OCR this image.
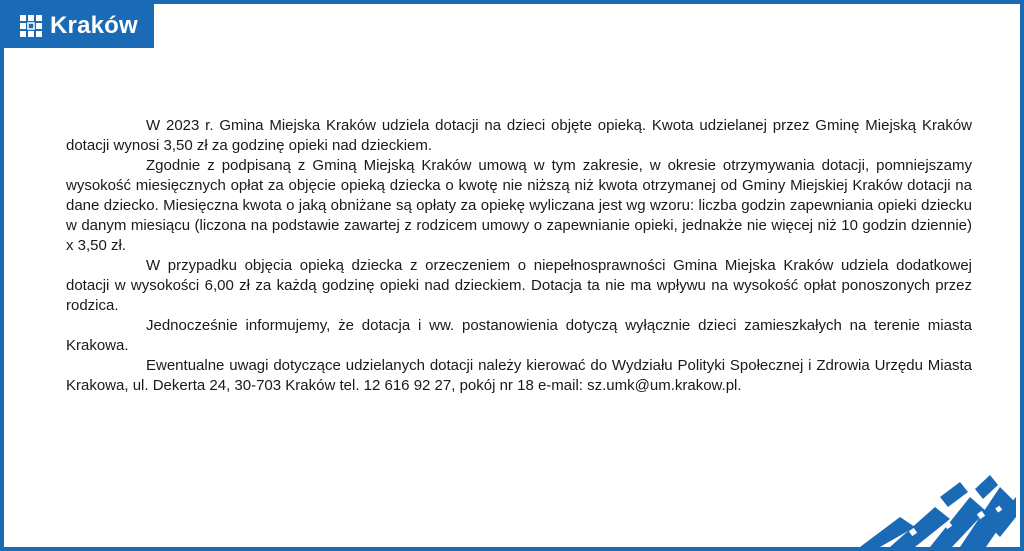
Kraków

W 2023 r. Gmina Miejska Kraków udziela dotacji na dzieci objęte opieką. Kwota udzielanej przez Gminę Miejską Kraków dotacji wynosi 3,50 zł za godzinę opieki nad dzieckiem.

Zgodnie z podpisaną z Gminą Miejską Kraków umową w tym zakresie, w okresie otrzymywania dotacji, pomniejszamy wysokość miesięcznych opłat za objęcie opieką dziecka o kwotę nie niższą niż kwota otrzymanej od Gminy Miejskiej Kraków dotacji na dane dziecko. Miesięczna kwota o jaką obniżane są opłaty za opiekę wyliczana jest wg wzoru: liczba godzin zapewniania opieki dziecku w danym miesiącu (liczona na podstawie zawartej z rodzicem umowy o zapewnianie opieki, jednakże nie więcej niż 10 godzin dziennie) x 3,50 zł.

W przypadku objęcia opieką dziecka z orzeczeniem o niepełnosprawności Gmina Miejska Kraków udziela dodatkowej dotacji w wysokości 6,00 zł za każdą godzinę opieki nad dzieckiem. Dotacja ta nie ma wpływu na wysokość opłat ponoszonych przez rodzica.

Jednocześnie informujemy, że dotacja i ww. postanowienia dotyczą wyłącznie dzieci zamieszkałych na terenie miasta Krakowa.

Ewentualne uwagi dotyczące udzielanych dotacji należy kierować do Wydziału Polityki Społecznej i Zdrowia Urzędu Miasta Krakowa, ul. Dekerta 24, 30-703 Kraków tel. 12 616 92 27, pokój nr 18 e-mail: sz.umk@um.krakow.pl.
